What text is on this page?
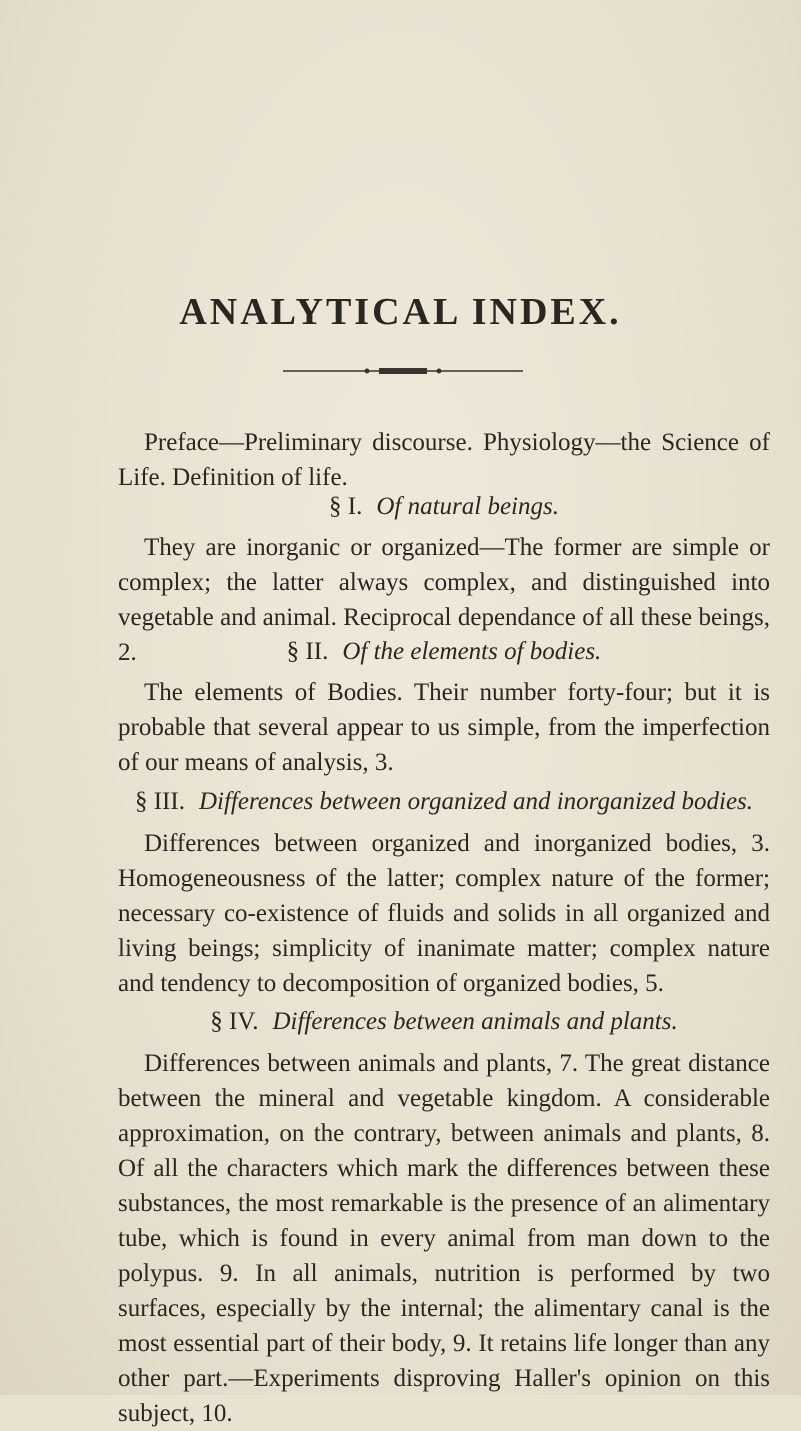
ANALYTICAL INDEX.
Preface—Preliminary discourse. Physiology—the Science of Life. Definition of life.
§ I. Of natural beings.
They are inorganic or organized—The former are simple or complex; the latter always complex, and distinguished into vegetable and animal. Reciprocal dependance of all these beings, 2.	§ II. Of the elements of bodies.
The elements of Bodies. Their number forty-four; but it is probable that several appear to us simple, from the imperfection of our means of analysis, 3.
§ III. Differences between organized and inorganized bodies.
Differences between organized and inorganized bodies, 3. Homogeneousness of the latter; complex nature of the former; necessary co-existence of fluids and solids in all organized and living beings; simplicity of inanimate matter; complex nature and tendency to decomposition of organized bodies, 5.
§ IV. Differences between animals and plants.
Differences between animals and plants, 7. The great distance between the mineral and vegetable kingdom. A considerable approximation, on the contrary, between animals and plants, 8. Of all the characters which mark the differences between these substances, the most remarkable is the presence of an alimentary tube, which is found in every animal from man down to the polypus. 9. In all animals, nutrition is performed by two surfaces, especially by the internal; the alimentary canal is the most essential part of their body, 9. It retains life longer than any other part.—Experiments disproving Haller's opinion on this subject, 10.
